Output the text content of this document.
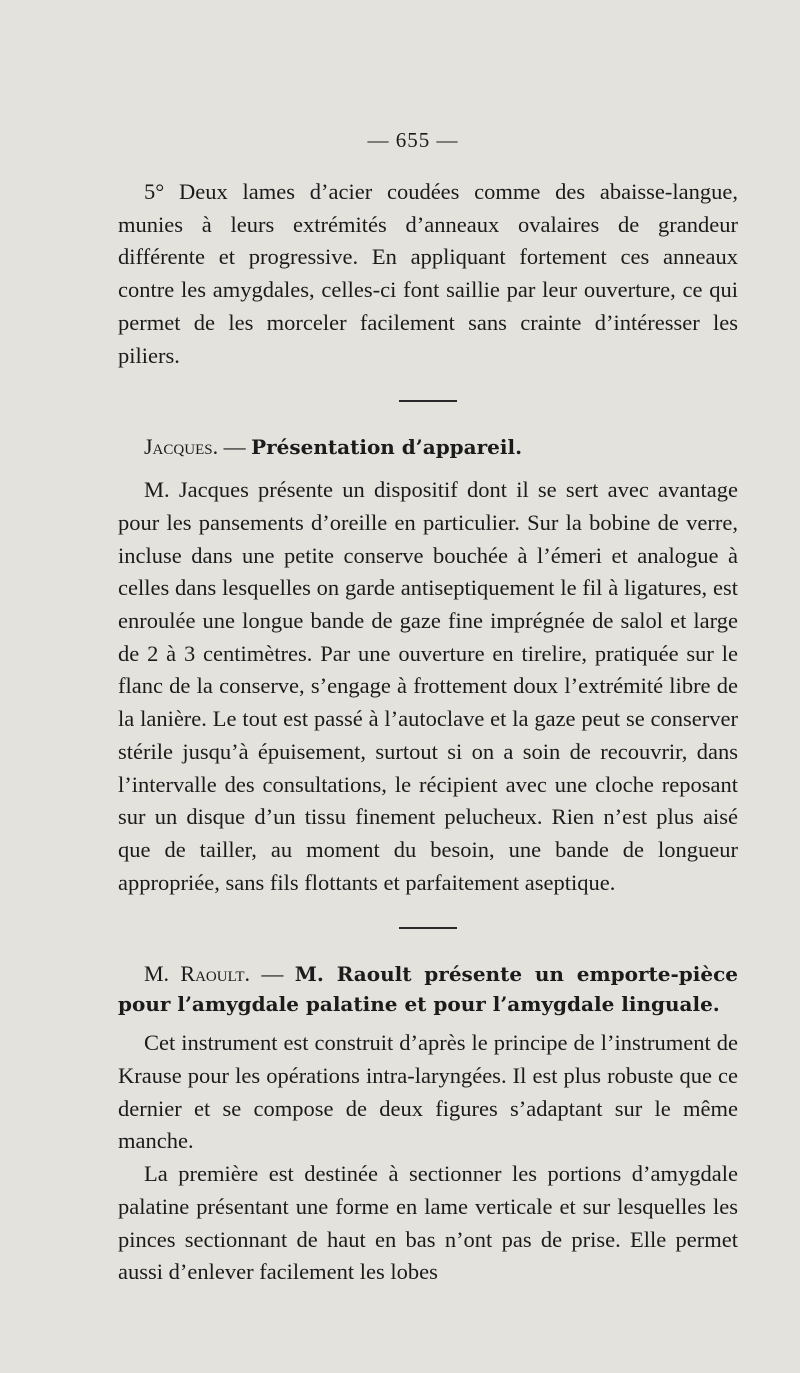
— 655 —

5° Deux lames d’acier coudées comme des abaisse-langue, munies à leurs extrémités d’anneaux ovalaires de grandeur différente et progressive. En appliquant fortement ces anneaux contre les amygdales, celles-ci font saillie par leur ouverture, ce qui permet de les morceler facilement sans crainte d’intéresser les piliers.

Jacques. — Présentation d’appareil.

M. Jacques présente un dispositif dont il se sert avec avantage pour les pansements d’oreille en particulier. Sur la bobine de verre, incluse dans une petite conserve bouchée à l’émeri et analogue à celles dans lesquelles on garde antiseptiquement le fil à ligatures, est enroulée une longue bande de gaze fine imprégnée de salol et large de 2 à 3 centimètres. Par une ouverture en tirelire, pratiquée sur le flanc de la conserve, s’engage à frottement doux l’extrémité libre de la lanière. Le tout est passé à l’autoclave et la gaze peut se conserver stérile jusqu’à épuisement, surtout si on a soin de recouvrir, dans l’intervalle des consultations, le récipient avec une cloche reposant sur un disque d’un tissu finement pelucheux. Rien n’est plus aisé que de tailler, au moment du besoin, une bande de longueur appropriée, sans fils flottants et parfaitement aseptique.

M. Raoult. — M. Raoult présente un emporte-pièce pour l’amygdale palatine et pour l’amygdale linguale.

Cet instrument est construit d’après le principe de l’instrument de Krause pour les opérations intra-laryngées. Il est plus robuste que ce dernier et se compose de deux figures s’adaptant sur le même manche.

La première est destinée à sectionner les portions d’amygdale palatine présentant une forme en lame verticale et sur lesquelles les pinces sectionnant de haut en bas n’ont pas de prise. Elle permet aussi d’enlever facilement les lobes
